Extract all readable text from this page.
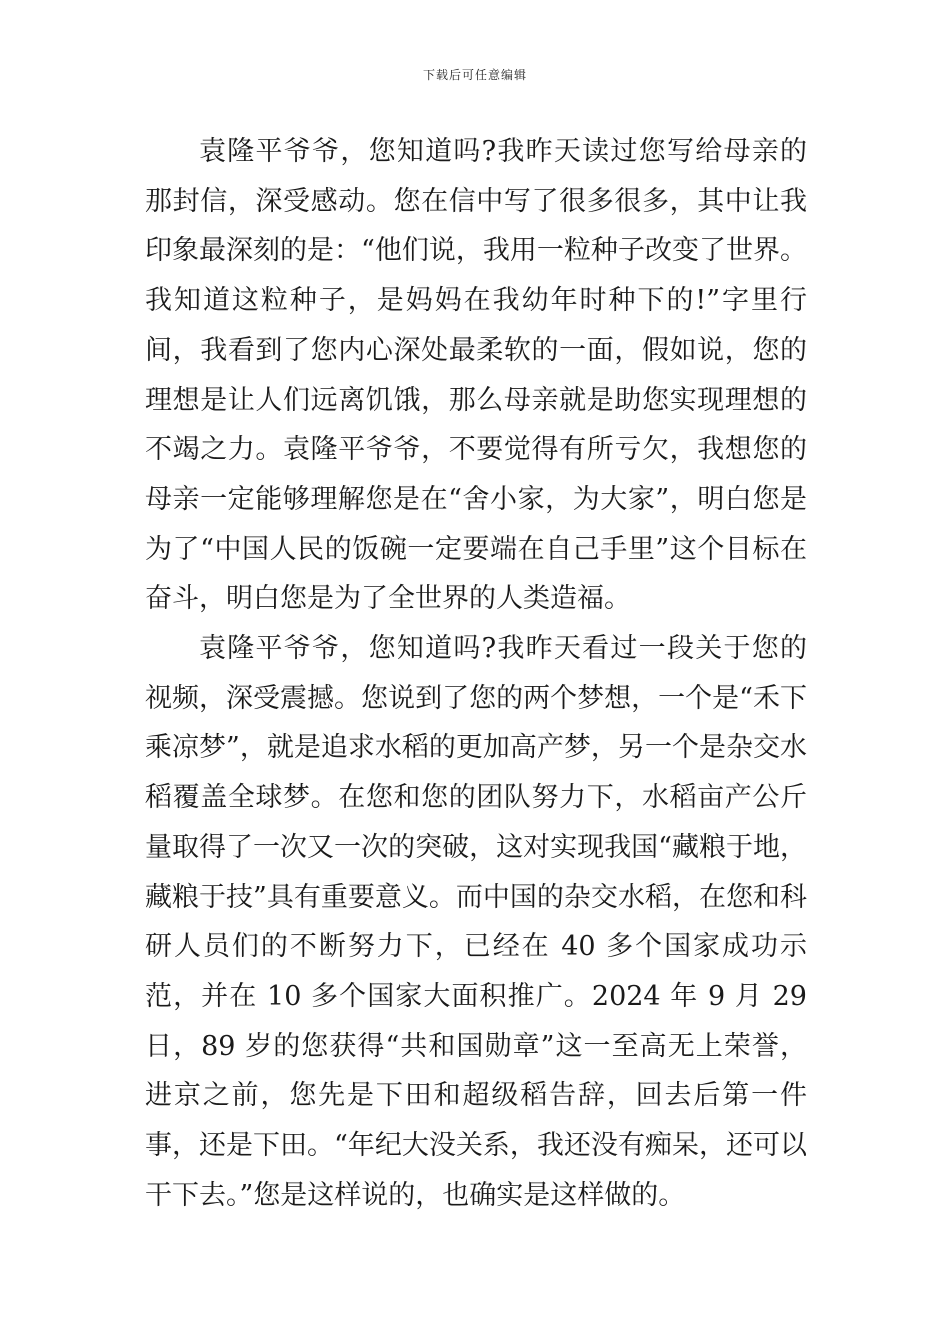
下载后可任意编辑

袁隆平爷爷，您知道吗?我昨天读过您写给母亲的那封信，深受感动。您在信中写了很多很多，其中让我印象最深刻的是：“他们说，我用一粒种子改变了世界。我知道这粒种子，是妈妈在我幼年时种下的!”字里行间，我看到了您内心深处最柔软的一面，假如说，您的理想是让人们远离饥饿，那么母亲就是助您实现理想的不竭之力。袁隆平爷爷，不要觉得有所亏欠，我想您的母亲一定能够理解您是在“舍小家，为大家”，明白您是为了“中国人民的饭碗一定要端在自己手里”这个目标在奋斗，明白您是为了全世界的人类造福。

袁隆平爷爷，您知道吗?我昨天看过一段关于您的视频，深受震撼。您说到了您的两个梦想，一个是“禾下乘凉梦”，就是追求水稻的更加高产梦，另一个是杂交水稻覆盖全球梦。在您和您的团队努力下，水稻亩产公斤量取得了一次又一次的突破，这对实现我国“藏粮于地，藏粮于技”具有重要意义。而中国的杂交水稻，在您和科研人员们的不断努力下，已经在 40 多个国家成功示范，并在 10 多个国家大面积推广。2024 年 9 月 29 日，89 岁的您获得“共和国勋章”这一至高无上荣誉，进京之前，您先是下田和超级稻告辞，回去后第一件事，还是下田。“年纪大没关系，我还没有痴呆，还可以干下去。”您是这样说的，也确实是这样做的。
